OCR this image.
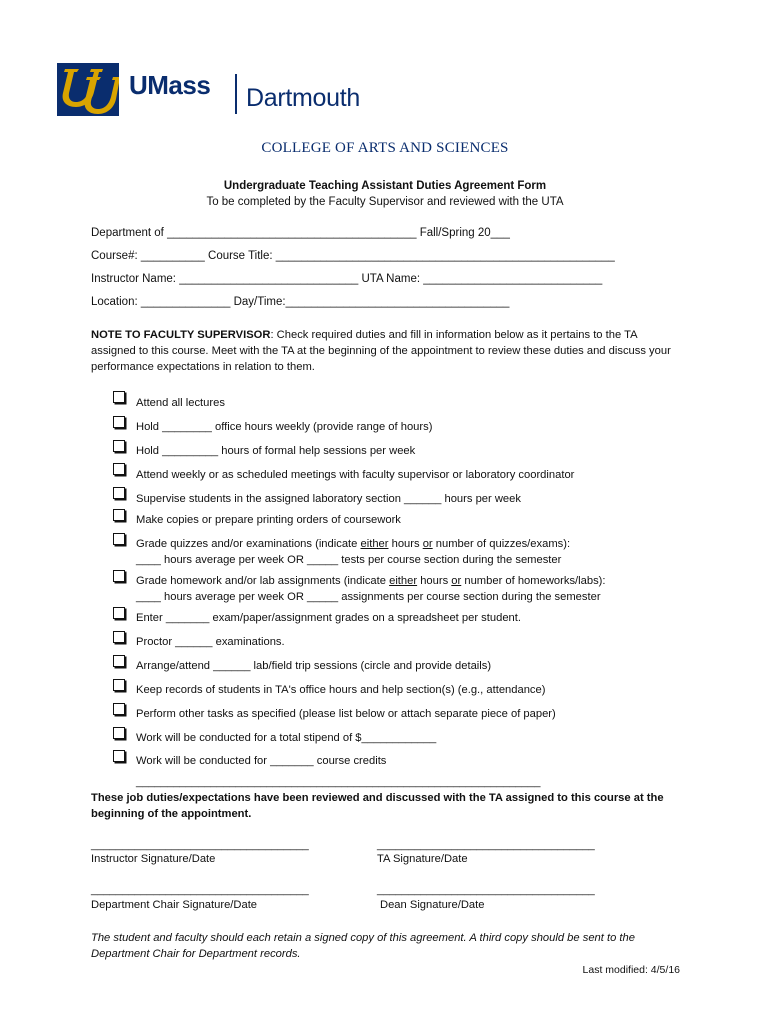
UMass Dartmouth
COLLEGE OF ARTS AND SCIENCES
Undergraduate Teaching Assistant Duties Agreement Form
To be completed by the Faculty Supervisor and reviewed with the UTA
Department of _______________________________________ Fall/Spring 20___
Course#: __________ Course Title: _____________________________________________________
Instructor Name: ____________________________ UTA Name: ____________________________
Location: ______________ Day/Time:___________________________________
NOTE TO FACULTY SUPERVISOR: Check required duties and fill in information below as it pertains to the TA assigned to this course. Meet with the TA at the beginning of the appointment to review these duties and discuss your performance expectations in relation to them.
Attend all lectures
Hold ________ office hours weekly (provide range of hours)
Hold _________ hours of formal help sessions per week
Attend weekly or as scheduled meetings with faculty supervisor or laboratory coordinator
Supervise students in the assigned laboratory section ______ hours per week
Make copies or prepare printing orders of coursework
Grade quizzes and/or examinations (indicate either hours or number of quizzes/exams):
____ hours average per week OR _____ tests per course section during the semester
Grade homework and/or lab assignments (indicate either hours or number of homeworks/labs):
____ hours average per week OR _____ assignments per course section during the semester
Enter _______ exam/paper/assignment grades on a spreadsheet per student.
Proctor ______ examinations.
Arrange/attend ______ lab/field trip sessions (circle and provide details)
Keep records of students in TA's office hours and help section(s) (e.g., attendance)
Perform other tasks as specified (please list below or attach separate piece of paper)
Work will be conducted for a total stipend of $____________
Work will be conducted for _______ course credits
_________________________________________________________________
These job duties/expectations have been reviewed and discussed with the TA assigned to this course at the beginning of the appointment.
___________________________________
Instructor Signature/Date
___________________________________
TA Signature/Date
___________________________________
Department Chair Signature/Date
___________________________________
Dean Signature/Date
The student and faculty should each retain a signed copy of this agreement. A third copy should be sent to the Department Chair for Department records.
Last modified: 4/5/16
